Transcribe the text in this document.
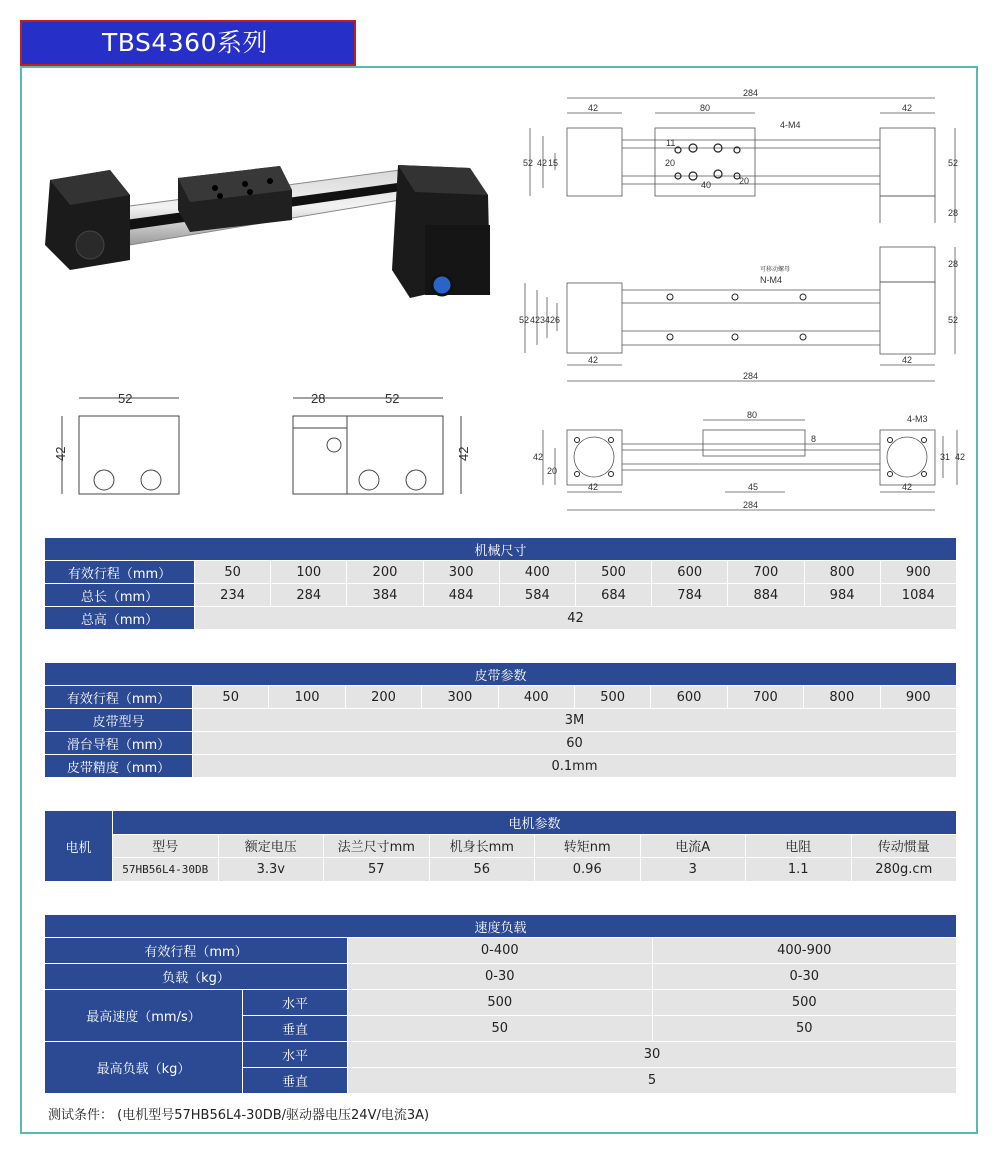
TBS4360系列
284
42	80	42
4-M4
52 42 15	20
11
40	20
52
28
可移动螺母
N-M4
28
52 42 34 26	52
42	42
284
80
8
4-M3
42
20
31 42
42	45	42
284
52
42
28	52
42
机械尺寸										
有效行程（mm）	50	100	200	300	400	500	600	700	800	900
总长（mm）	234	284	384	484	584	684	784	884	984	1084
总高（mm）	42									
皮带参数										
有效行程（mm）	50	100	200	300	400	500	600	700	800	900
皮带型号	3M									
滑台导程（mm）	60									
皮带精度（mm）	0.1mm									
电机	电机参数							
	型号	额定电压	法兰尺寸mm	机身长mm	转矩nm	电流A	电阻	传动惯量
	57HB56L4-30DB	3.3v	57	56	0.96	3	1.1	280g.cm
速度负载			
有效行程（mm）		0-400	400-900
负载（kg）		0-30	0-30
最高速度（mm/s）	水平	500	500
	垂直	50	50
最高负载（kg）	水平	30	
	垂直	5	
测试条件： (电机型号57HB56L4-30DB/驱动器电压24V/电流3A)
